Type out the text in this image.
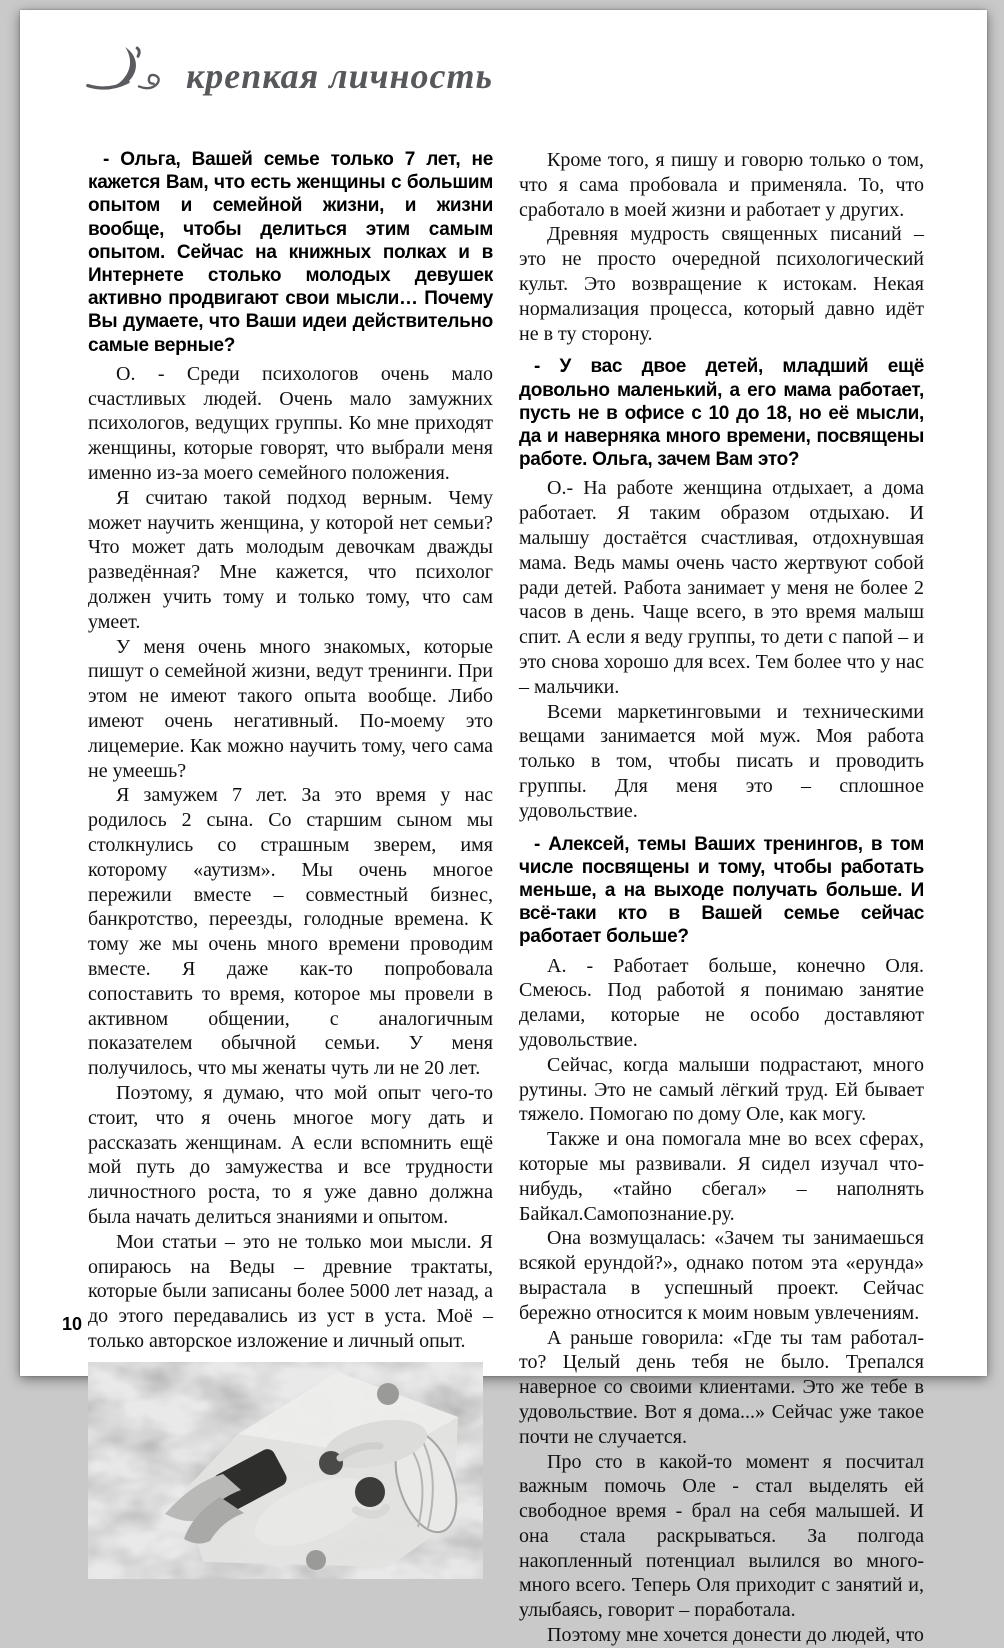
крепкая личность

- Ольга, Вашей семье только 7 лет, не кажется Вам, что есть женщины с большим опытом и семейной жизни, и жизни вообще, чтобы делиться этим самым опытом. Сейчас на книжных полках и в Интернете столько молодых девушек активно продвигают свои мысли… Почему Вы думаете, что Ваши идеи действительно самые верные?

О. - Среди психологов очень мало счастливых людей. Очень мало замужних психологов, ведущих группы. Ко мне приходят женщины, которые говорят, что выбрали меня именно из-за моего семейного положения.

Я считаю такой подход верным. Чему может научить женщина, у которой нет семьи? Что может дать молодым девочкам дважды разведённая? Мне кажется, что психолог должен учить тому и только тому, что сам умеет.

У меня очень много знакомых, которые пишут о семейной жизни, ведут тренинги. При этом не имеют такого опыта вообще. Либо имеют очень негативный. По-моему это лицемерие. Как можно научить тому, чего сама не умеешь?

Я замужем 7 лет. За это время у нас родилось 2 сына. Со старшим сыном мы столкнулись со страшным зверем, имя которому «аутизм». Мы очень многое пережили вместе – совместный бизнес, банкротство, переезды, голодные времена. К тому же мы очень много времени проводим вместе. Я даже как-то попробовала сопоставить то время, которое мы провели в активном общении, с аналогичным показателем обычной семьи. У меня получилось, что мы женаты чуть ли не 20 лет.

Поэтому, я думаю, что мой опыт чего-то стоит, что я очень многое могу дать и рассказать женщинам. А если вспомнить ещё мой путь до замужества и все трудности личностного роста, то я уже давно должна была начать делиться знаниями и опытом.

Мои статьи – это не только мои мысли. Я опираюсь на Веды – древние трактаты, которые были записаны более 5000 лет назад, а до этого передавались из уст в уста. Моё – только авторское изложение и личный опыт.

Кроме того, я пишу и говорю только о том, что я сама пробовала и применяла. То, что сработало в моей жизни и работает у других.

Древняя мудрость священных писаний – это не просто очередной психологический культ. Это возвращение к истокам. Некая нормализация процесса, который давно идёт не в ту сторону.

- У вас двое детей, младший ещё довольно маленький, а его мама работает, пусть не в офисе с 10 до 18, но её мысли, да и наверняка много времени, посвящены работе. Ольга, зачем Вам это?

О.- На работе женщина отдыхает, а дома работает. Я таким образом отдыхаю. И малышу достаётся счастливая, отдохнувшая мама. Ведь мамы очень часто жертвуют собой ради детей. Работа занимает у меня не более 2 часов в день. Чаще всего, в это время малыш спит. А если я веду группы, то дети с папой – и это снова хорошо для всех. Тем более что у нас – мальчики.

Всеми маркетинговыми и техническими вещами занимается мой муж. Моя работа только в том, чтобы писать и проводить группы. Для меня это – сплошное удовольствие.

- Алексей, темы Ваших тренингов, в том числе посвящены и тому, чтобы работать меньше, а на выходе получать больше. И всё-таки кто в Вашей семье сейчас работает больше?

А. - Работает больше, конечно Оля. Смеюсь. Под работой я понимаю занятие делами, которые не особо доставляют удовольствие.

Сейчас, когда малыши подрастают, много рутины. Это не самый лёгкий труд. Ей бывает тяжело. Помогаю по дому Оле, как могу.

Также и она помогала мне во всех сферах, которые мы развивали. Я сидел изучал что-нибудь, «тайно сбегал» – наполнять Байкал.Самопознание.ру.

Она возмущалась: «Зачем ты занимаешься всякой ерундой?», однако потом эта «ерунда» вырастала в успешный проект. Сейчас бережно относится к моим новым увлечениям.

А раньше говорила: «Где ты там работал-то? Целый день тебя не было. Трепался наверное со своими клиентами. Это же тебе в удовольствие. Вот я дома...» Сейчас уже такое почти не случается.

Про сто в какой-то момент я посчитал важным помочь Оле - стал выделять ей свободное время - брал на себя малышей. И она стала раскрываться. За полгода накопленный потенциал вылился во много-много всего. Теперь Оля приходит с занятий и, улыбаясь, говорит – поработала.

Поэтому мне хочется донести до людей, что

10
